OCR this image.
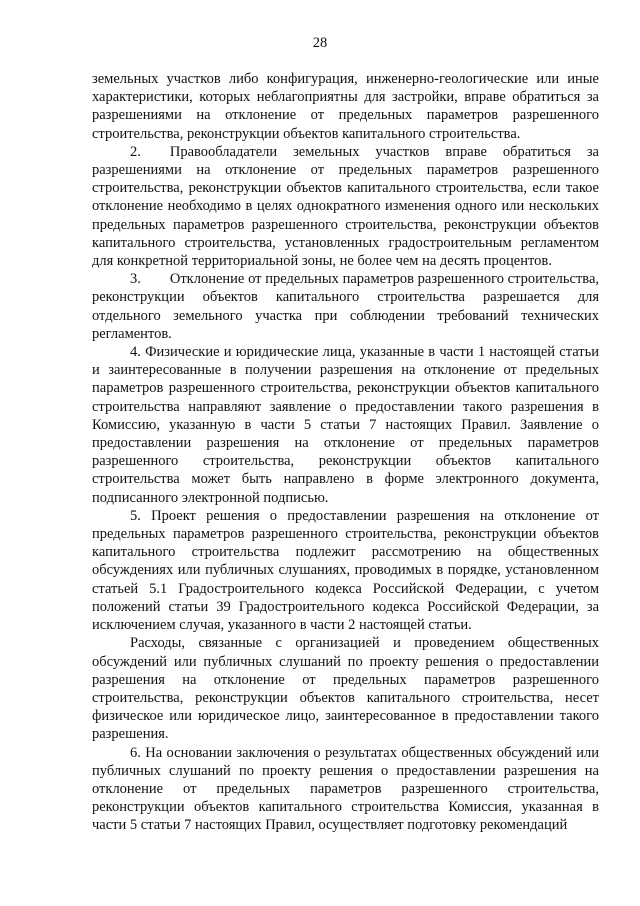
28

земельных участков либо конфигурация, инженерно-геологические или иные характеристики, которых неблагоприятны для застройки, вправе обратиться за разрешениями на отклонение от предельных параметров разрешенного строительства, реконструкции объектов капитального строительства.

2.  Правообладатели земельных участков вправе обратиться за разрешениями на отклонение от предельных параметров разрешенного строительства, реконструкции объектов капитального строительства, если такое отклонение необходимо в целях однократного изменения одного или нескольких предельных параметров разрешенного строительства, реконструкции объектов капитального строительства, установленных градостроительным регламентом для конкретной территориальной зоны, не более чем на десять процентов.

3.  Отклонение от предельных параметров разрешенного строительства, реконструкции объектов капитального строительства разрешается для отдельного земельного участка при соблюдении требований технических регламентов.

4. Физические и юридические лица, указанные в части 1 настоящей статьи и заинтересованные в получении разрешения на отклонение от предельных параметров разрешенного строительства, реконструкции объектов капитального строительства направляют заявление о предоставлении такого разрешения в Комиссию, указанную в части 5 статьи 7 настоящих Правил. Заявление о предоставлении разрешения на отклонение от предельных параметров разрешенного строительства, реконструкции объектов капитального строительства может быть направлено в форме электронного документа, подписанного электронной подписью.

5. Проект решения о предоставлении разрешения на отклонение от предельных параметров разрешенного строительства, реконструкции объектов капитального строительства подлежит рассмотрению на общественных обсуждениях или публичных слушаниях, проводимых в порядке, установленном статьей 5.1 Градостроительного кодекса Российской Федерации, с учетом положений статьи 39 Градостроительного кодекса Российской Федерации, за исключением случая, указанного в части 2 настоящей статьи.

Расходы, связанные с организацией и проведением общественных обсуждений или публичных слушаний по проекту решения о предоставлении разрешения на отклонение от предельных параметров разрешенного строительства, реконструкции объектов капитального строительства, несет физическое или юридическое лицо, заинтересованное в предоставлении такого разрешения.

6. На основании заключения о результатах общественных обсуждений или публичных слушаний по проекту решения о предоставлении разрешения на отклонение от предельных параметров разрешенного строительства, реконструкции объектов капитального строительства Комиссия, указанная в части 5 статьи 7 настоящих Правил, осуществляет подготовку рекомендаций
